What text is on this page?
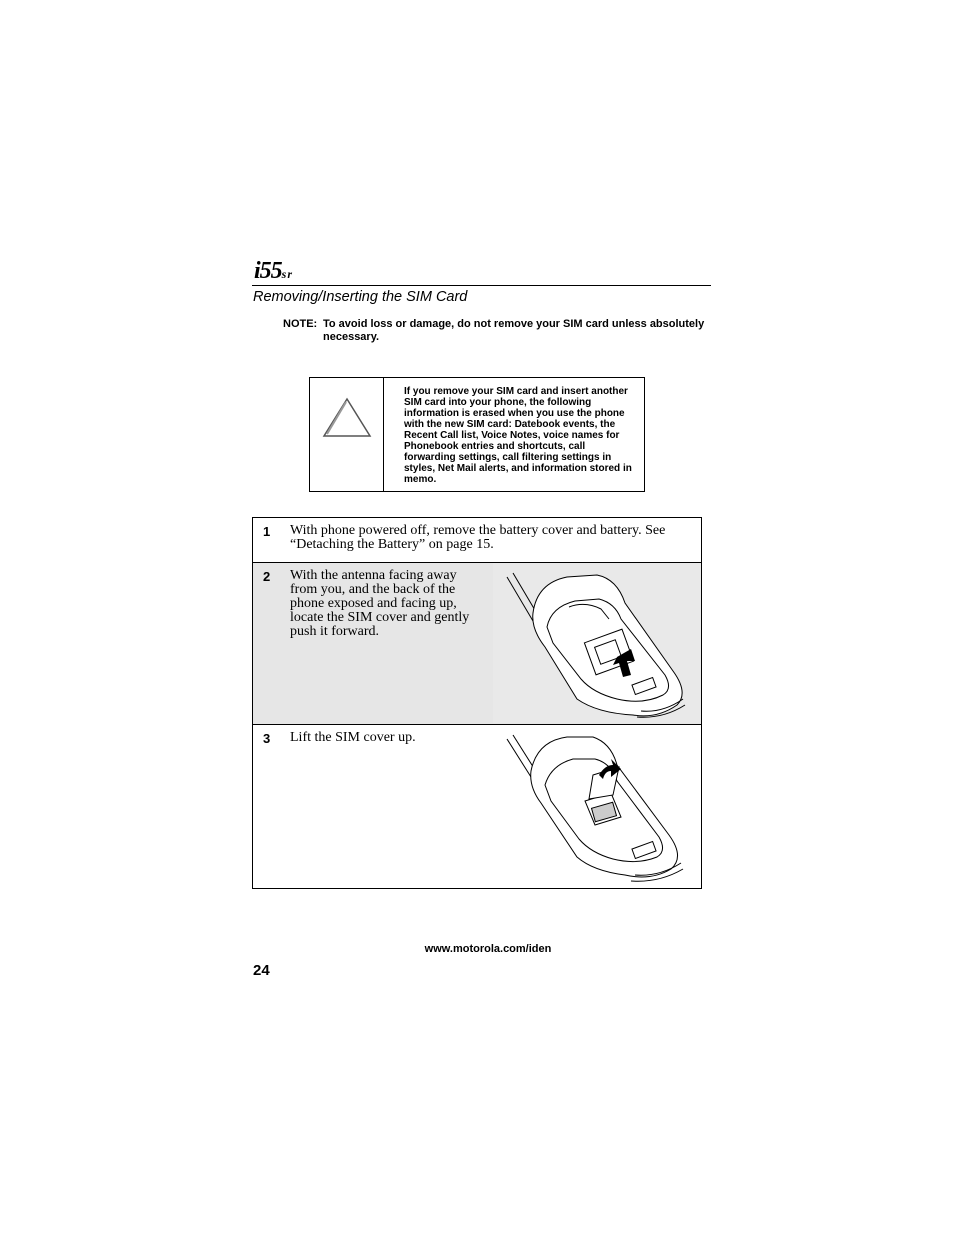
i55sr
Removing/Inserting the SIM Card
NOTE: To avoid loss or damage, do not remove your SIM card unless absolutely necessary.
If you remove your SIM card and insert another SIM card into your phone, the following information is erased when you use the phone with the new SIM card: Datebook events, the Recent Call list, Voice Notes, voice names for Phonebook entries and shortcuts, call forwarding settings, call filtering settings in styles, Net Mail alerts, and information stored in memo.
1 With phone powered off, remove the battery cover and battery. See “Detaching the Battery” on page 15.
2 With the antenna facing away from you, and the back of the phone exposed and facing up, locate the SIM cover and gently push it forward.
3 Lift the SIM cover up.
www.motorola.com/iden
24
